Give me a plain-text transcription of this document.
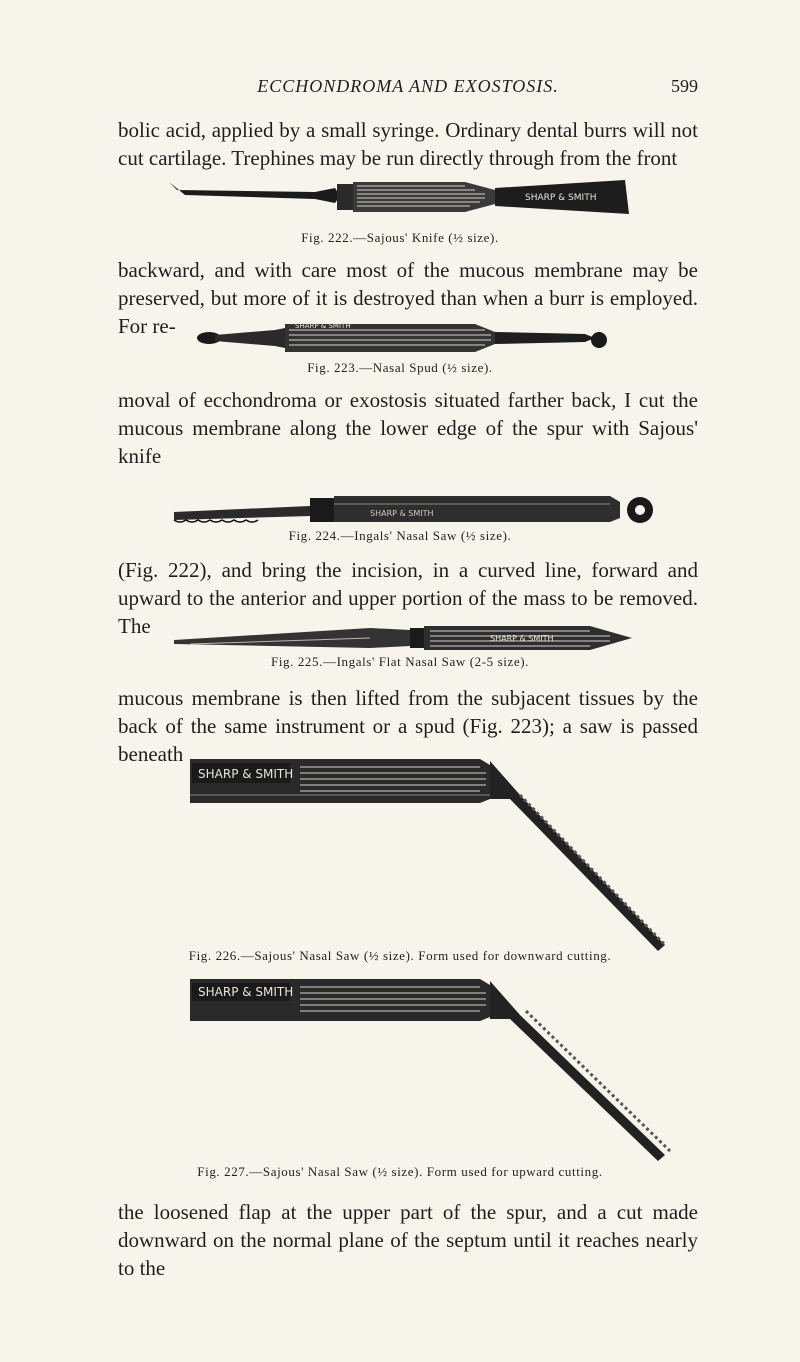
ECCHONDROMA AND EXOSTOSIS.	599

bolic acid, applied by a small syringe. Ordinary dental burrs will not cut cartilage. Trephines may be run directly through from the front

SHARP & SMITH
Fig. 222.—Sajous' Knife (½ size).

backward, and with care most of the mucous membrane may be preserved, but more of it is destroyed than when a burr is employed. For re-	SHARP & SMITH
Fig. 223.—Nasal Spud (½ size).

moval of ecchondroma or exostosis situated farther back, I cut the mucous membrane along the lower edge of the spur with Sajous' knife

SHARP & SMITH
Fig. 224.—Ingals' Nasal Saw (½ size).

(Fig. 222), and bring the incision, in a curved line, forward and upward to the anterior and upper portion of the mass to be removed. The

SHARP & SMITH
Fig. 225.—Ingals' Flat Nasal Saw (2-5 size).

mucous membrane is then lifted from the subjacent tissues by the back of the same instrument or a spud (Fig. 223); a saw is passed beneath

SHARP & SMITH
Fig. 226.—Sajous' Nasal Saw (½ size). Form used for downward cutting.
SHARP & SMITH
Fig. 227.—Sajous' Nasal Saw (½ size). Form used for upward cutting.

the loosened flap at the upper part of the spur, and a cut made downward on the normal plane of the septum until it reaches nearly to the
